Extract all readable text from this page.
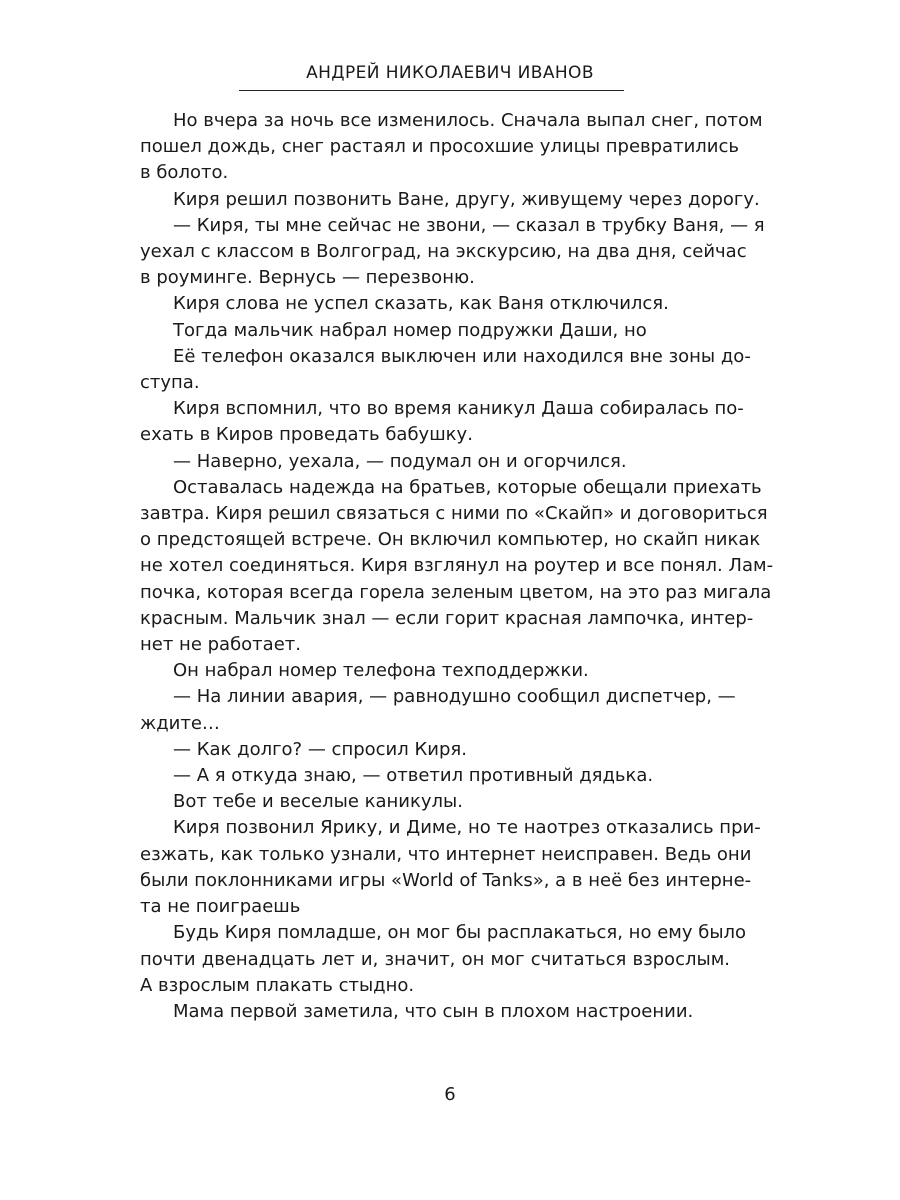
АНДРЕЙ НИКОЛАЕВИЧ ИВАНОВ

Но вчера за ночь все изменилось. Сначала выпал снег, потом
пошел дождь, снег растаял и просохшие улицы превратились
в болото.

Киря решил позвонить Ване, другу, живущему через дорогу.

— Киря, ты мне сейчас не звони, — сказал в трубку Ваня, — я
уехал с классом в Волгоград, на экскурсию, на два дня, сейчас
в роуминге. Вернусь — перезвоню.

Киря слова не успел сказать, как Ваня отключился.

Тогда мальчик набрал номер подружки Даши, но

Её телефон оказался выключен или находился вне зоны до-
ступа.

Киря вспомнил, что во время каникул Даша собиралась по-
ехать в Киров проведать бабушку.

— Наверно, уехала, — подумал он и огорчился.

Оставалась надежда на братьев, которые обещали приехать
завтра. Киря решил связаться с ними по «Скайп» и договориться
о предстоящей встрече. Он включил компьютер, но скайп никак
не хотел соединяться. Киря взглянул на роутер и все понял. Лам-
почка, которая всегда горела зеленым цветом, на это раз мигала
красным. Мальчик знал — если горит красная лампочка, интер-
нет не работает.

Он набрал номер телефона техподдержки.

— На линии авария, — равнодушно сообщил диспетчер, —
ждите…

— Как долго? — спросил Киря.

— А я откуда знаю, — ответил противный дядька.

Вот тебе и веселые каникулы.

Киря позвонил Ярику, и Диме, но те наотрез отказались при-
езжать, как только узнали, что интернет неисправен. Ведь они
были поклонниками игры «World of Tanks», а в неё без интерне-
та не поиграешь

Будь Киря помладше, он мог бы расплакаться, но ему было
почти двенадцать лет и, значит, он мог считаться взрослым.
А взрослым плакать стыдно.

Мама первой заметила, что сын в плохом настроении.

6
